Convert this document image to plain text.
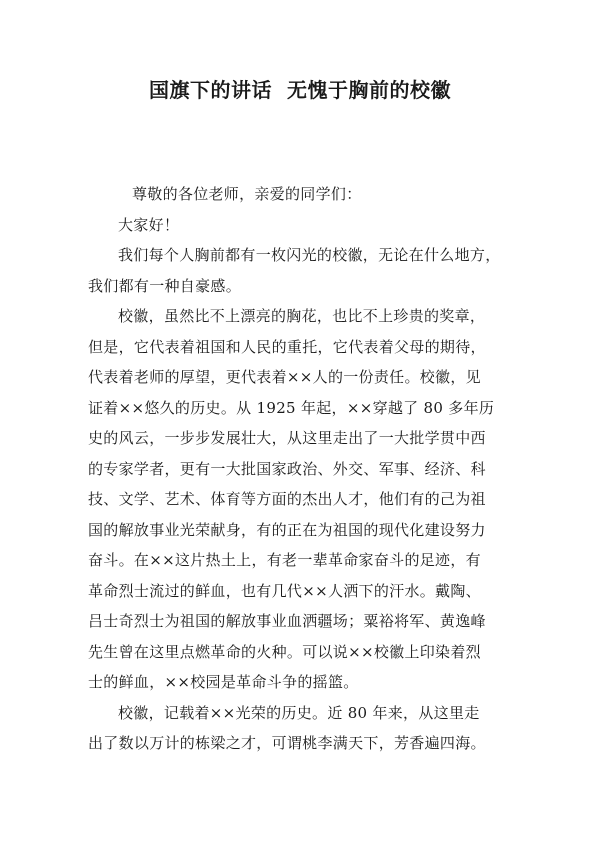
国旗下的讲话  无愧于胸前的校徽

尊敬的各位老师，亲爱的同学们：

大家好！

我们每个人胸前都有一枚闪光的校徽，无论在什么地方，
我们都有一种自豪感。
校徽，虽然比不上漂亮的胸花，也比不上珍贵的奖章，
但是，它代表着祖国和人民的重托，它代表着父母的期待，
代表着老师的厚望，更代表着××人的一份责任。校徽，见
证着××悠久的历史。从 1925 年起，××穿越了 80 多年历
史的风云，一步步发展壮大，从这里走出了一大批学贯中西
的专家学者，更有一大批国家政治、外交、军事、经济、科
技、文学、艺术、体育等方面的杰出人才，他们有的己为祖
国的解放事业光荣献身，有的正在为祖国的现代化建设努力
奋斗。在××这片热土上，有老一辈革命家奋斗的足迹，有
革命烈士流过的鲜血，也有几代××人洒下的汗水。戴陶、
吕士奇烈士为祖国的解放事业血洒疆场；粟裕将军、黄逸峰
先生曾在这里点燃革命的火种。可以说××校徽上印染着烈
士的鲜血，××校园是革命斗争的摇篮。
校徽，记载着××光荣的历史。近 80 年来，从这里走
出了数以万计的栋梁之才，可谓桃李满天下，芳香遍四海。
